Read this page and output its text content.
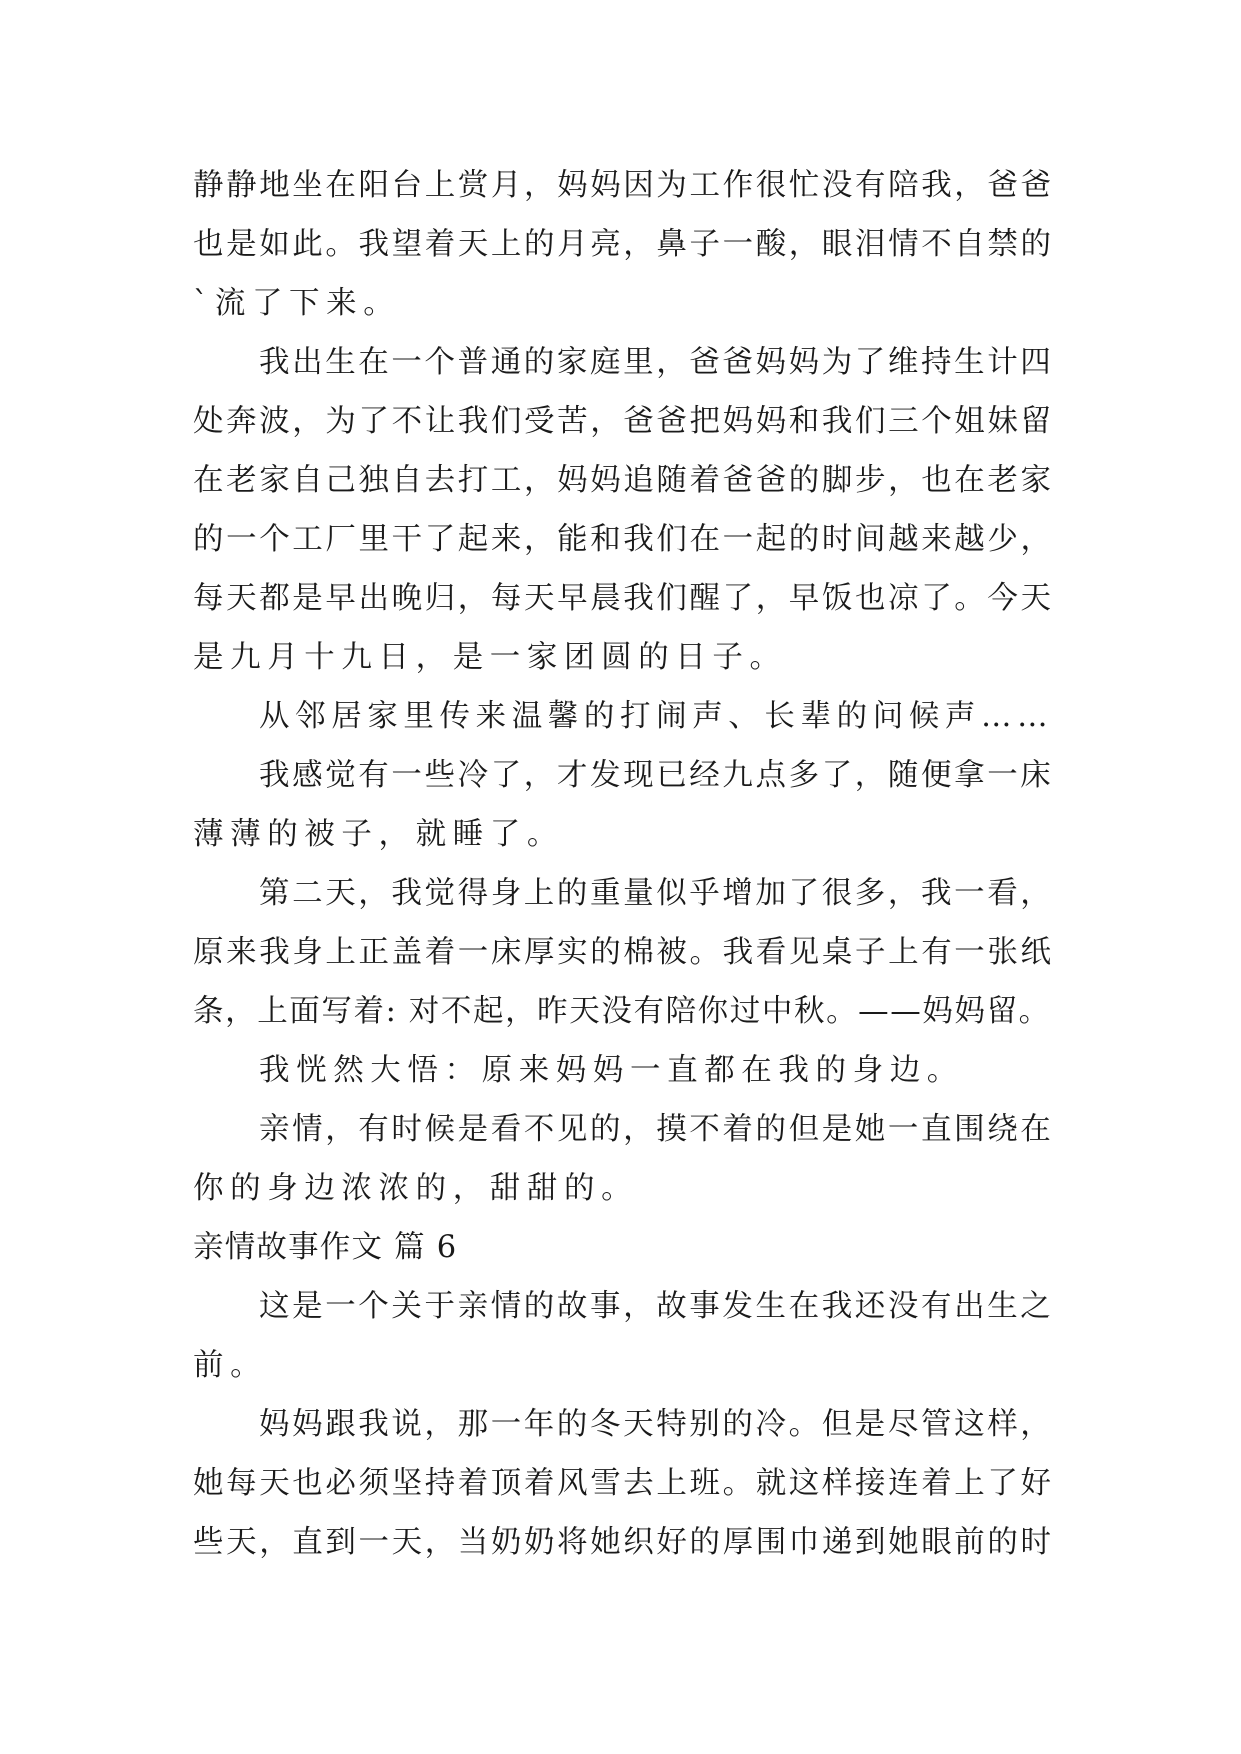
静静地坐在阳台上赏月，妈妈因为工作很忙没有陪我，爸爸
也是如此。我望着天上的月亮，鼻子一酸，眼泪情不自禁的
`流了下来。

我出生在一个普通的家庭里，爸爸妈妈为了维持生计四
处奔波，为了不让我们受苦，爸爸把妈妈和我们三个姐妹留
在老家自己独自去打工，妈妈追随着爸爸的脚步，也在老家
的一个工厂里干了起来，能和我们在一起的时间越来越少，
每天都是早出晚归，每天早晨我们醒了，早饭也凉了。今天
是九月十九日，是一家团圆的日子。

从邻居家里传来温馨的打闹声、长辈的问候声……

我感觉有一些冷了，才发现已经九点多了，随便拿一床
薄薄的被子，就睡了。

第二天，我觉得身上的重量似乎增加了很多，我一看，
原来我身上正盖着一床厚实的棉被。我看见桌子上有一张纸
条，上面写着: 对不起，昨天没有陪你过中秋。——妈妈留。

我恍然大悟：原来妈妈一直都在我的身边。

亲情，有时候是看不见的，摸不着的但是她一直围绕在
你的身边浓浓的，甜甜的。

亲情故事作文 篇 6

这是一个关于亲情的故事，故事发生在我还没有出生之
前。

妈妈跟我说，那一年的冬天特别的冷。但是尽管这样，
她每天也必须坚持着顶着风雪去上班。就这样接连着上了好
些天，直到一天，当奶奶将她织好的厚围巾递到她眼前的时
